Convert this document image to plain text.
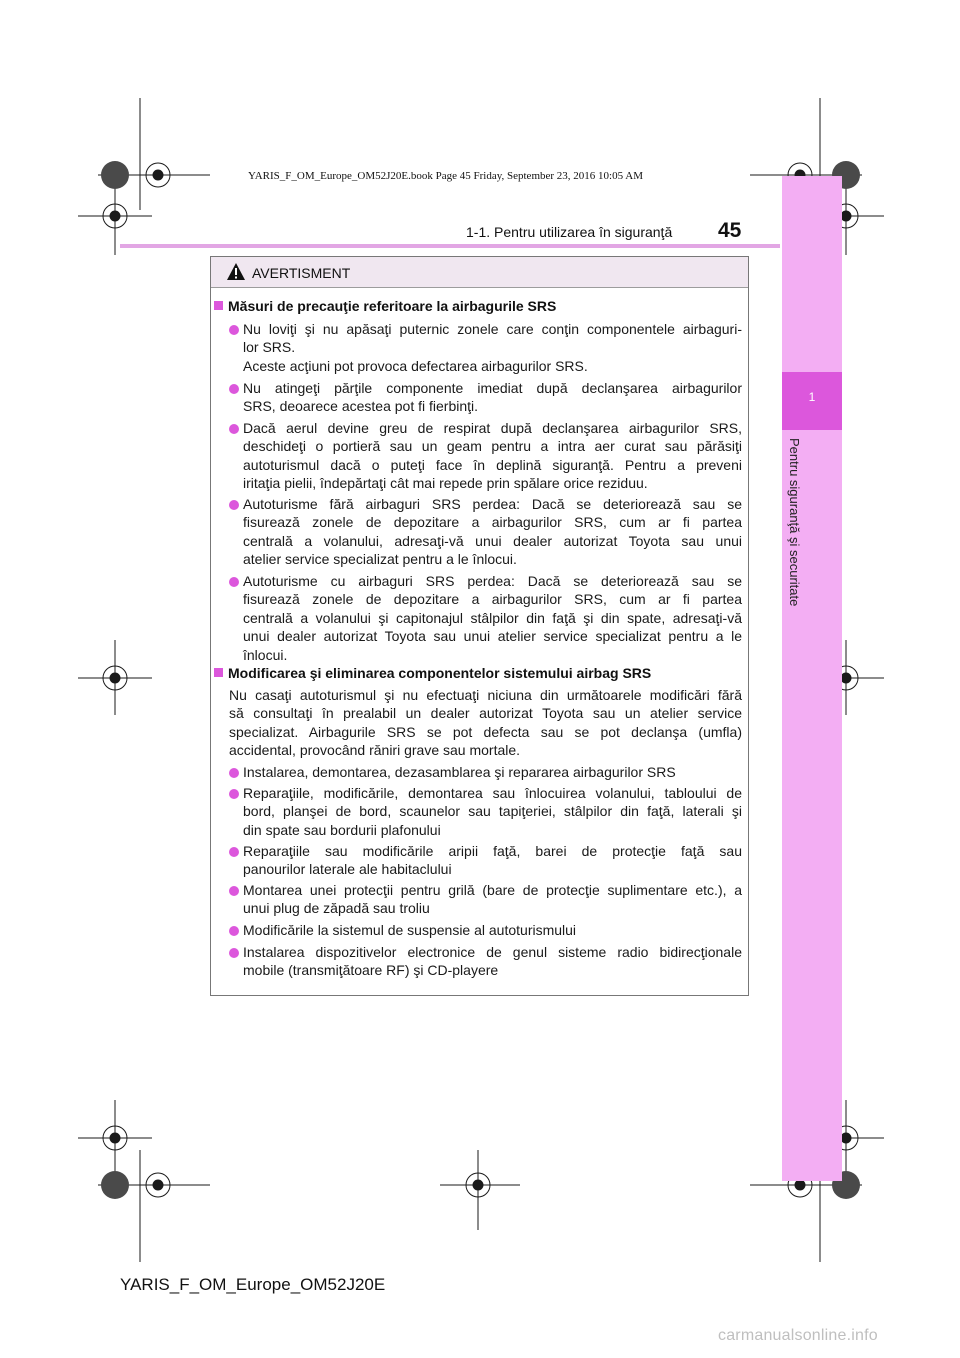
YARIS_F_OM_Europe_OM52J20E.book Page 45 Friday, September 23, 2016 10:05 AM
1
Pentru siguranţă şi securitate
1-1. Pentru utilizarea în siguranţă 45
AVERTISMENT
Măsuri de precauţie referitoare la airbagurile SRS
Nu loviţi şi nu apăsaţi puternic zonele care conţin componentele airbaguri-
lor SRS.
Aceste acţiuni pot provoca defectarea airbagurilor SRS.
Nu atingeţi părţile componente imediat după declanşarea airbagurilor
SRS, deoarece acestea pot fi fierbinţi.
Dacă aerul devine greu de respirat după declanşarea airbagurilor SRS,
deschideţi o portieră sau un geam pentru a intra aer curat sau părăsiţi
autoturismul dacă o puteţi face în deplină siguranţă. Pentru a preveni
iritaţia pielii, îndepărtaţi cât mai repede prin spălare orice reziduu.
Autoturisme fără airbaguri SRS perdea: Dacă se deteriorează sau se
fisurează zonele de depozitare a airbagurilor SRS, cum ar fi partea
centrală a volanului, adresaţi-vă unui dealer autorizat Toyota sau unui
atelier service specializat pentru a le înlocui.
Autoturisme cu airbaguri SRS perdea: Dacă se deteriorează sau se
fisurează zonele de depozitare a airbagurilor SRS, cum ar fi partea
centrală a volanului şi capitonajul stâlpilor din faţă şi din spate, adresaţi-vă
unui dealer autorizat Toyota sau unui atelier service specializat pentru a le
înlocui.
Modificarea şi eliminarea componentelor sistemului airbag SRS
Nu casaţi autoturismul şi nu efectuaţi niciuna din următoarele modificări fără
să consultaţi în prealabil un dealer autorizat Toyota sau un atelier service
specializat. Airbagurile SRS se pot defecta sau se pot declanşa (umfla)
accidental, provocând răniri grave sau mortale.
Instalarea, demontarea, dezasamblarea şi repararea airbagurilor SRS
Reparaţiile, modificările, demontarea sau înlocuirea volanului, tabloului de
bord, planşei de bord, scaunelor sau tapiţeriei, stâlpilor din faţă, laterali şi
din spate sau bordurii plafonului
Reparaţiile sau modificările aripii faţă, barei de protecţie faţă sau
panourilor laterale ale habitaclului
Montarea unei protecţii pentru grilă (bare de protecţie suplimentare etc.), a
unui plug de zăpadă sau troliu
Modificările la sistemul de suspensie al autoturismului
Instalarea dispozitivelor electronice de genul sisteme radio bidirecţionale
mobile (transmiţătoare RF) şi CD-playere
YARIS_F_OM_Europe_OM52J20E
carmanualsonline.info
